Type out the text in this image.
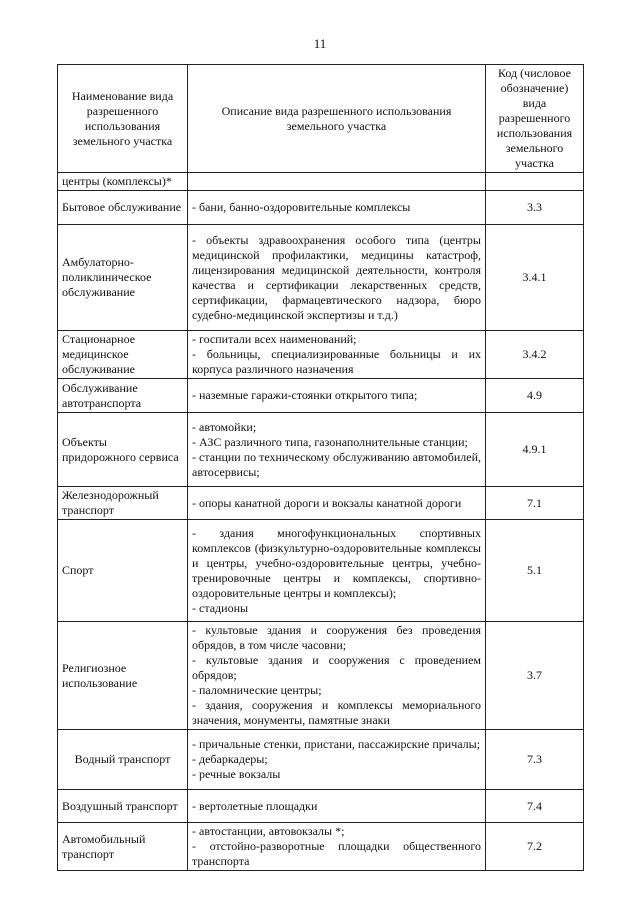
11
Наименование вида разрешенного использования земельного участка	Описание вида разрешенного использования земельного участка	Код (числовое обозначение) вида разрешенного использования земельного участка
центры (комплексы)*		
Бытовое обслуживание	- бани, банно-оздоровительные комплексы	3.3
Амбулаторно-поликлиническое обслуживание	- объекты здравоохранения особого типа (центры медицинской профилактики, медицины катастроф, лицензирования медицинской деятельности, контроля качества и сертификации лекарственных средств, сертификации, фармацевтического надзора, бюро судебно-медицинской экспертизы и т.д.)	3.4.1
Стационарное медицинское обслуживание	- госпитали всех наименований;
- больницы, специализированные больницы и их корпуса различного назначения	3.4.2
Обслуживание автотранспорта	- наземные гаражи-стоянки открытого типа;	4.9
Объекты придорожного сервиса	- автомойки;
- АЗС различного типа, газонаполнительные станции;
- станции по техническому обслуживанию автомобилей, автосервисы;	4.9.1
Железнодорожный транспорт	- опоры канатной дороги и вокзалы канатной дороги	7.1
Спорт	- здания многофункциональных спортивных комплексов (физкультурно-оздоровительные комплексы и центры, учебно-оздоровительные центры, учебно-тренировочные центры и комплексы, спортивно-оздоровительные центры и комплексы);
- стадионы	5.1
Религиозное использование	- культовые здания и сооружения без проведения обрядов, в том числе часовни;
- культовые здания и сооружения с проведением обрядов;
- паломнические центры;
- здания, сооружения и комплексы мемориального значения, монументы, памятные знаки	3.7
Водный транспорт	- причальные стенки, пристани, пассажирские причалы;
- дебаркадеры;
- речные вокзалы	7.3
Воздушный транспорт	- вертолетные площадки	7.4
Автомобильный транспорт	- автостанции, автовокзалы *;
- отстойно-разворотные площадки общественного транспорта	7.2
